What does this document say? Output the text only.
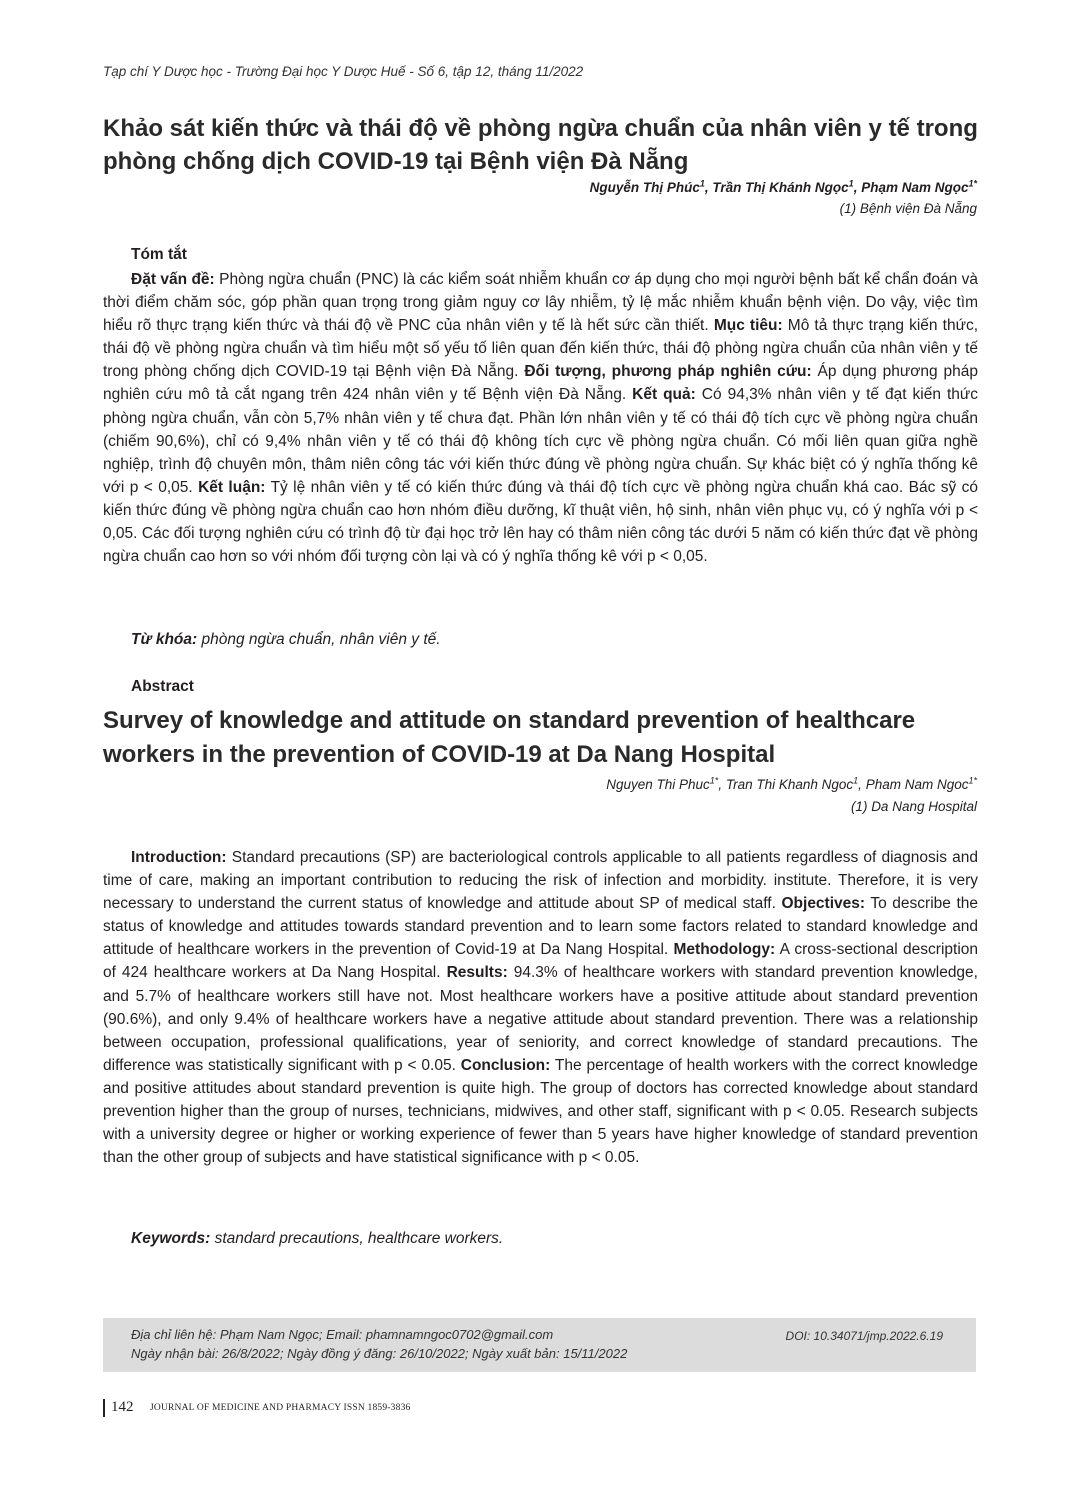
Tạp chí Y Dược học - Trường Đại học Y Dược Huế - Số 6, tập 12, tháng 11/2022
Khảo sát kiến thức và thái độ về phòng ngừa chuẩn của nhân viên y tế trong phòng chống dịch COVID-19 tại Bệnh viện Đà Nẵng
Nguyễn Thị Phúc$^1$, Trần Thị Khánh Ngọc$^1$, Phạm Nam Ngọc$^{1*}$
(1) Bệnh viện Đà Nẵng
Tóm tắt

Đặt vấn đề: Phòng ngừa chuẩn (PNC) là các kiểm soát nhiễm khuẩn cơ áp dụng cho mọi người bệnh bất kể chẩn đoán và thời điểm chăm sóc, góp phần quan trọng trong giảm nguy cơ lây nhiễm, tỷ lệ mắc nhiễm khuẩn bệnh viện. Do vậy, việc tìm hiểu rõ thực trạng kiến thức và thái độ về PNC của nhân viên y tế là hết sức cần thiết. Mục tiêu: Mô tả thực trạng kiến thức, thái độ về phòng ngừa chuẩn và tìm hiểu một số yếu tố liên quan đến kiến thức, thái độ phòng ngừa chuẩn của nhân viên y tế trong phòng chống dịch COVID-19 tại Bệnh viện Đà Nẵng. Đối tượng, phương pháp nghiên cứu: Áp dụng phương pháp nghiên cứu mô tả cắt ngang trên 424 nhân viên y tế Bệnh viện Đà Nẵng. Kết quả: Có 94,3% nhân viên y tế đạt kiến thức phòng ngừa chuẩn, vẫn còn 5,7% nhân viên y tế chưa đạt. Phần lớn nhân viên y tế có thái độ tích cực về phòng ngừa chuẩn (chiếm 90,6%), chỉ có 9,4% nhân viên y tế có thái độ không tích cực về phòng ngừa chuẩn. Có mối liên quan giữa nghề nghiệp, trình độ chuyên môn, thâm niên công tác với kiến thức đúng về phòng ngừa chuẩn. Sự khác biệt có ý nghĩa thống kê với p < 0,05. Kết luận: Tỷ lệ nhân viên y tế có kiến thức đúng và thái độ tích cực về phòng ngừa chuẩn khá cao. Bác sỹ có kiến thức đúng về phòng ngừa chuẩn cao hơn nhóm điều dưỡng, kĩ thuật viên, hộ sinh, nhân viên phục vụ, có ý nghĩa với p < 0,05. Các đối tượng nghiên cứu có trình độ từ đại học trở lên hay có thâm niên công tác dưới 5 năm có kiến thức đạt về phòng ngừa chuẩn cao hơn so với nhóm đối tượng còn lại và có ý nghĩa thống kê với p < 0,05.

Từ khóa: phòng ngừa chuẩn, nhân viên y tế.
Abstract
Survey of knowledge and attitude on standard prevention of healthcare workers in the prevention of COVID-19 at Da Nang Hospital
Nguyen Thi Phuc$^{1*}$, Tran Thi Khanh Ngoc$^1$, Pham Nam Ngoc$^{1*}$
(1) Da Nang Hospital

Introduction: Standard precautions (SP) are bacteriological controls applicable to all patients regardless of diagnosis and time of care, making an important contribution to reducing the risk of infection and morbidity. institute. Therefore, it is very necessary to understand the current status of knowledge and attitude about SP of medical staff. Objectives: To describe the status of knowledge and attitudes towards standard prevention and to learn some factors related to standard knowledge and attitude of healthcare workers in the prevention of Covid-19 at Da Nang Hospital. Methodology: A cross-sectional description of 424 healthcare workers at Da Nang Hospital. Results: 94.3% of healthcare workers with standard prevention knowledge, and 5.7% of healthcare workers still have not. Most healthcare workers have a positive attitude about standard prevention (90.6%), and only 9.4% of healthcare workers have a negative attitude about standard prevention. There was a relationship between occupation, professional qualifications, year of seniority, and correct knowledge of standard precautions. The difference was statistically significant with p < 0.05. Conclusion: The percentage of health workers with the correct knowledge and positive attitudes about standard prevention is quite high. The group of doctors has corrected knowledge about standard prevention higher than the group of nurses, technicians, midwives, and other staff, significant with p < 0.05. Research subjects with a university degree or higher or working experience of fewer than 5 years have higher knowledge of standard prevention than the other group of subjects and have statistical significance with p < 0.05.

Keywords: standard precautions, healthcare workers.
Địa chỉ liên hệ: Phạm Nam Ngọc; Email: phamnamngoc0702@gmail.com
Ngày nhận bài: 26/8/2022; Ngày đồng ý đăng: 26/10/2022; Ngày xuất bản: 15/11/2022
DOI: 10.34071/jmp.2022.6.19
142 JOURNAL OF MEDICINE AND PHARMACY ISSN 1859-3836
